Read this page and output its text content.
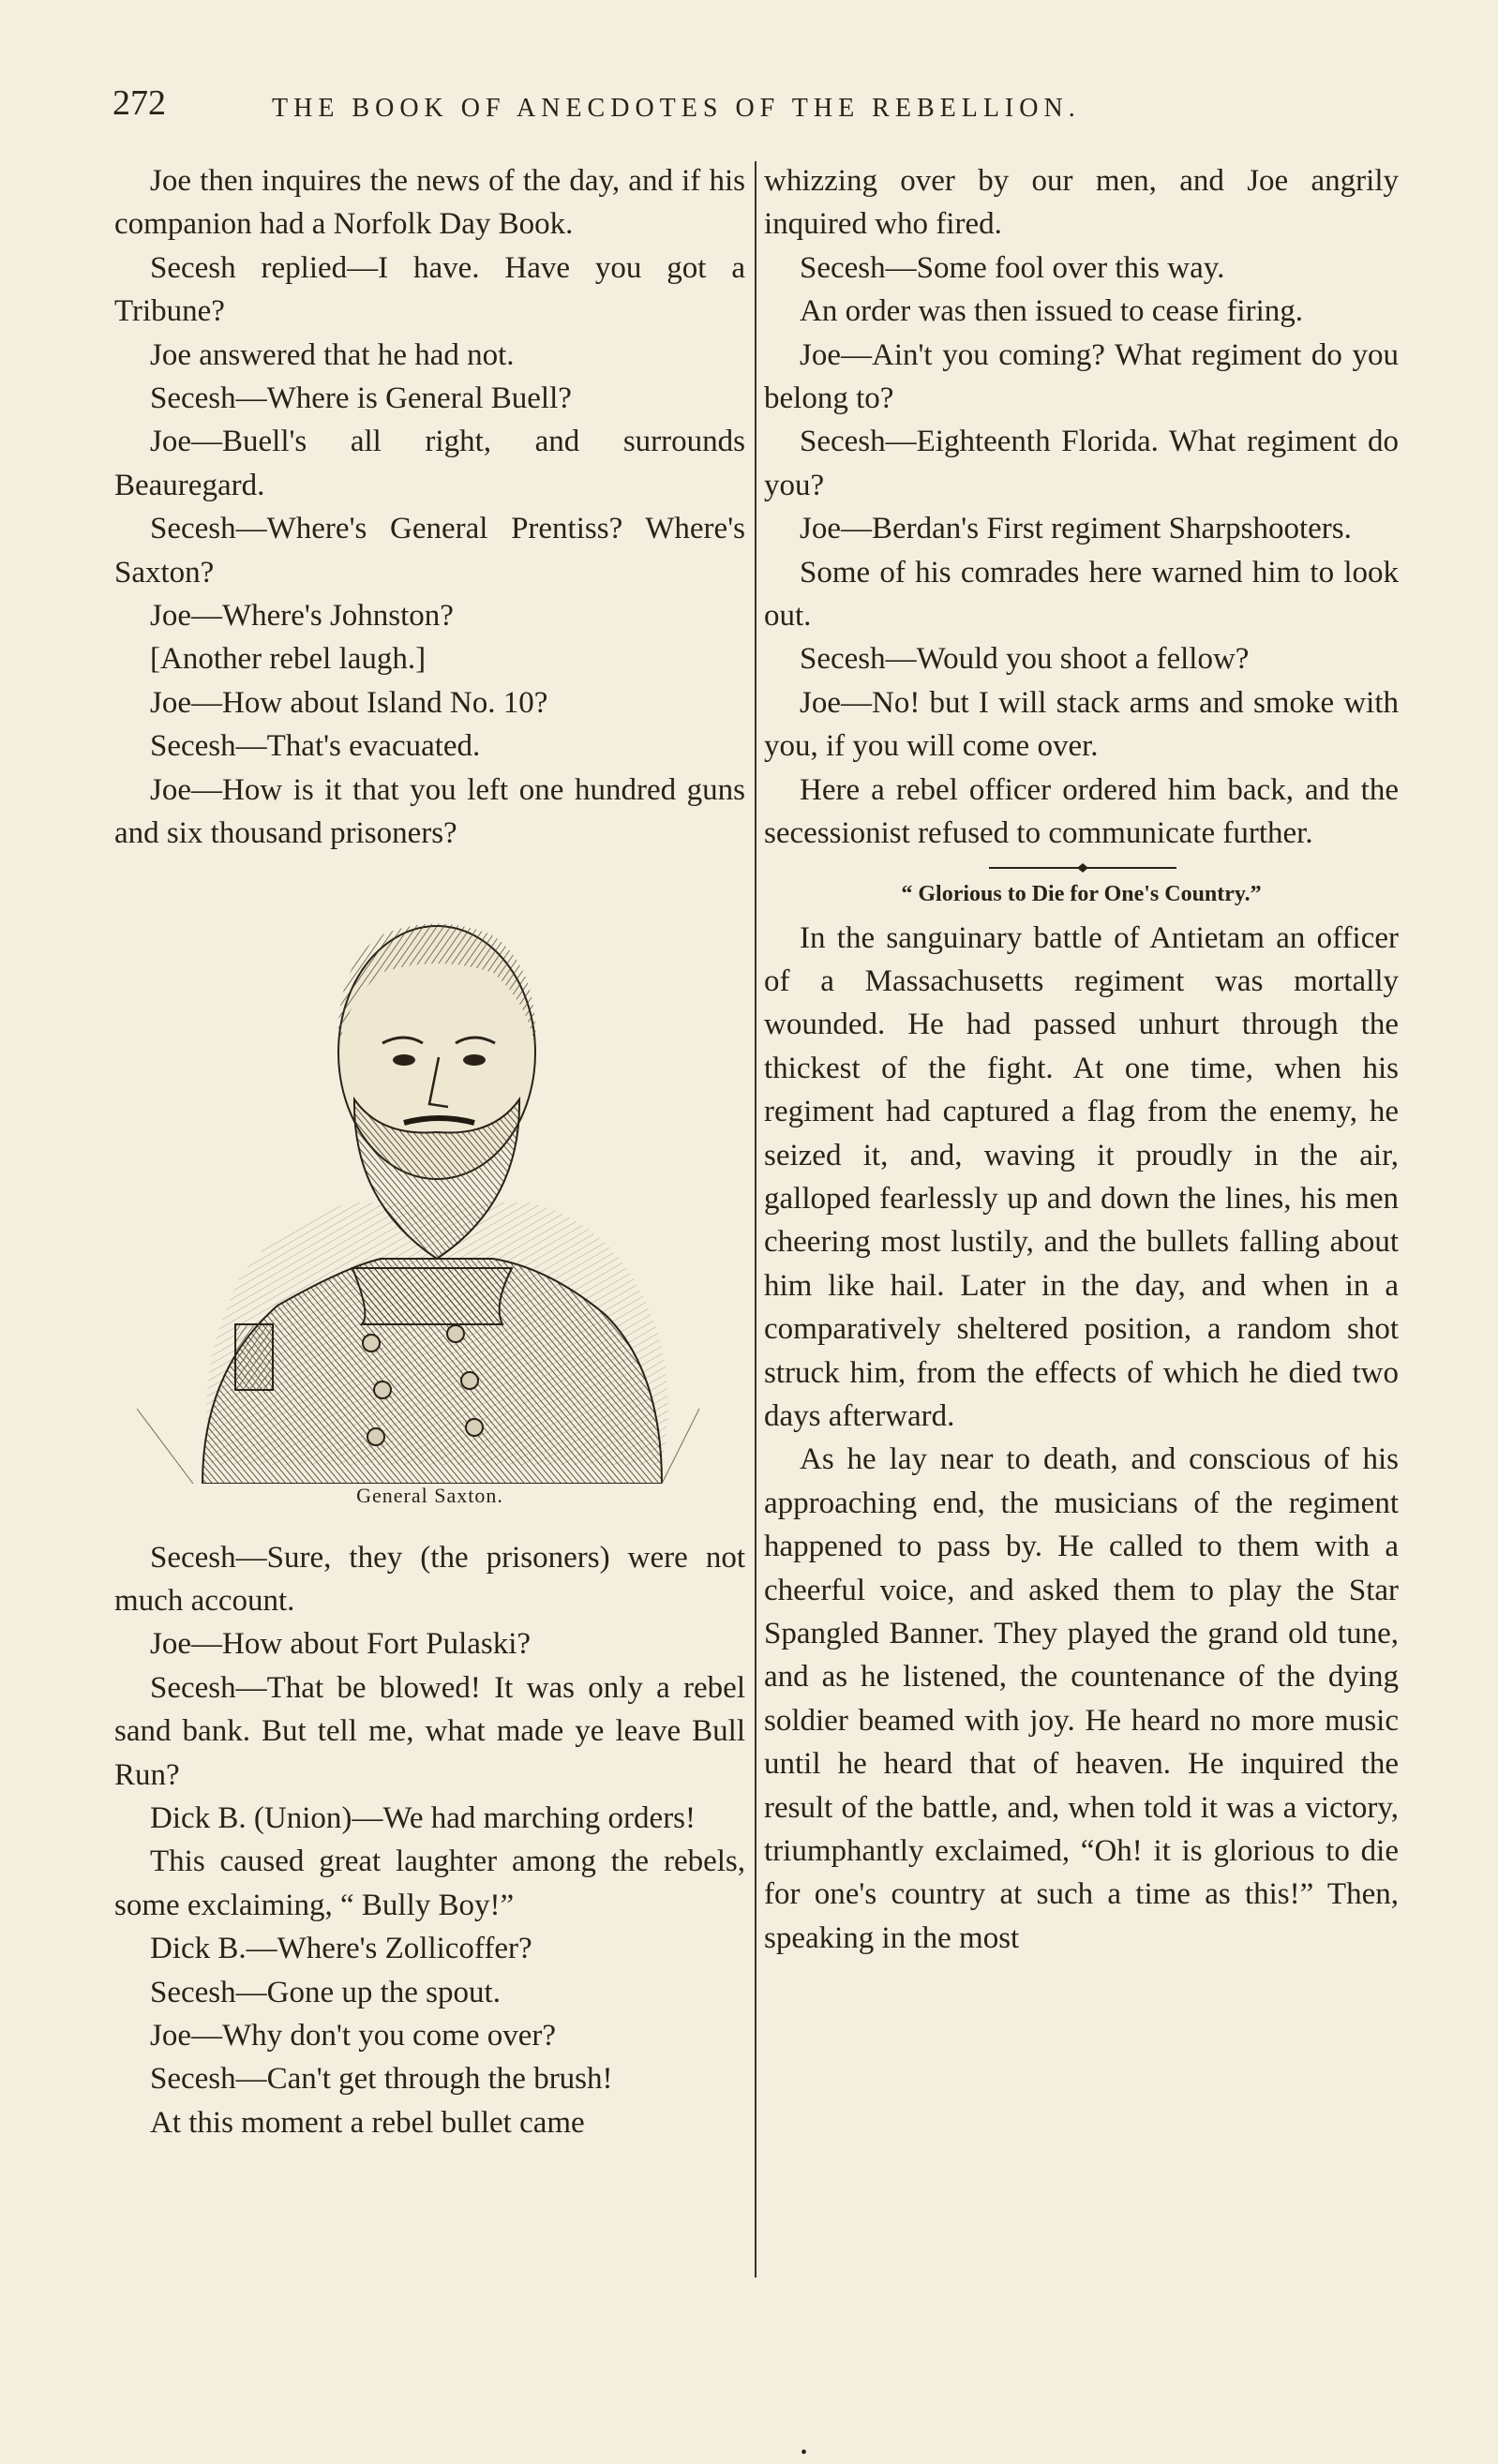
272	THE BOOK OF ANECDOTES OF THE REBELLION.

Joe then inquires the news of the day, and if his companion had a Norfolk Day Book.

Secesh replied—I have. Have you got a Tribune?

Joe answered that he had not.

Secesh—Where is General Buell?

Joe—Buell's all right, and surrounds Beauregard.

Secesh—Where's General Prentiss? Where's Saxton?

Joe—Where's Johnston?

[Another rebel laugh.]

Joe—How about Island No. 10?

Secesh—That's evacuated.

Joe—How is it that you left one hundred guns and six thousand prisoners?

General Saxton.

Secesh—Sure, they (the prisoners) were not much account.

Joe—How about Fort Pulaski?

Secesh—That be blowed! It was only a rebel sand bank. But tell me, what made ye leave Bull Run?

Dick B. (Union)—We had marching orders!

This caused great laughter among the rebels, some exclaiming, “ Bully Boy!”

Dick B.—Where's Zollicoffer?

Secesh—Gone up the spout.

Joe—Why don't you come over?

Secesh—Can't get through the brush!

At this moment a rebel bullet came

whizzing over by our men, and Joe angrily inquired who fired.

Secesh—Some fool over this way.

An order was then issued to cease firing.

Joe—Ain't you coming? What regiment do you belong to?

Secesh—Eighteenth Florida. What regiment do you?

Joe—Berdan's First regiment Sharpshooters.

Some of his comrades here warned him to look out.

Secesh—Would you shoot a fellow?

Joe—No! but I will stack arms and smoke with you, if you will come over.

Here a rebel officer ordered him back, and the secessionist refused to communicate further.

“ Glorious to Die for One's Country.”

In the sanguinary battle of Antietam an officer of a Massachusetts regiment was mortally wounded. He had passed unhurt through the thickest of the fight. At one time, when his regiment had captured a flag from the enemy, he seized it, and, waving it proudly in the air, galloped fearlessly up and down the lines, his men cheering most lustily, and the bullets falling about him like hail. Later in the day, and when in a comparatively sheltered position, a random shot struck him, from the effects of which he died two days afterward.

As he lay near to death, and conscious of his approaching end, the musicians of the regiment happened to pass by. He called to them with a cheerful voice, and asked them to play the Star Spangled Banner. They played the grand old tune, and as he listened, the countenance of the dying soldier beamed with joy. He heard no more music until he heard that of heaven. He inquired the result of the battle, and, when told it was a victory, triumphantly exclaimed, “Oh! it is glorious to die for one's country at such a time as this!” Then, speaking in the most

•
